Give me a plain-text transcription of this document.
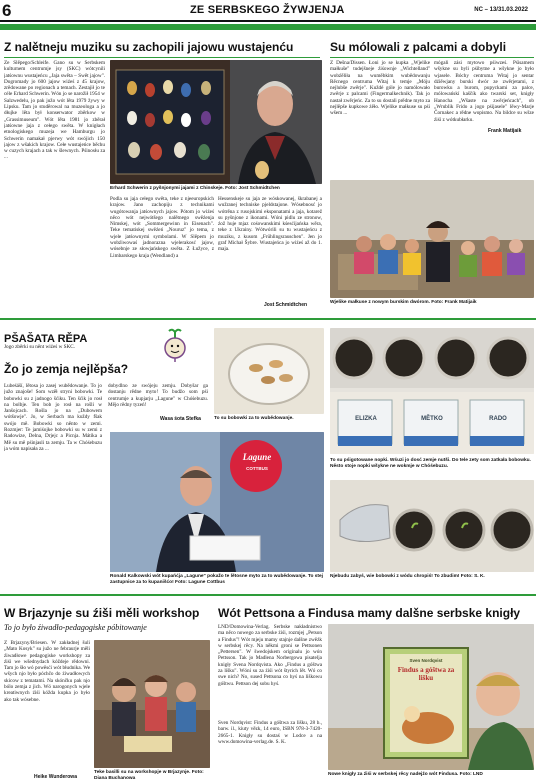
6	ZE SERBSKEGO ŽYWJENJA	NC – 13/31.03.2022
Z nalětneju muziku su zachopili jajowu wustajenću
Ze Slěpego/Schleife. Gano su w Serbskem kulturnem centrumje jsy (SKC) wótcynili jatśownu wustajeńcu „Jaja swěta – Swět jajow". Dogromady jo 600 jajow wiźeś z 45 krajow, zrědowane po regionach a temach. Zestajił jo te céle Erhard Schwerin. Wón jo se narožił 1954 w Salzwedelu, jo pak južo wót lěta 1979 žywy w Lipsku. Tam jo studěrowal na muzeologa a jo dłujke lěta był konserwator zběrkow w „Grassimuseum". Wót lěta 1981 jo zběrał jatśowne jaja z cełego swěta. W knigłach etnologiskego muzeja we Hamburgu jo Schwerin namakał pjerwy wót swójich 150 jajow z wšakich krajow. Cełe wustajeńce běchu w cuzych krajach a tak w šlewnych. Pśinosłu za ...
Jogo zběrki su něnt wiźeś w SKC.
Erhard Schwerin z pyšnjonymi jajami z Chinskeje. Foto: Jost Schmidtchen
Podla su jaja cełego swěta, teke z njeeuropskich krajow. Jano zachopiju z technikami wugótowanja jatśownych jajow. Pótom jo wiźeś něco wót nejwótšego nalětnego swěźenja Nimskej, wót „Sommergewinn in Eisenach". Teke tematiskej swěźeń „Nouruz" jo tema, z wjele jatśownymi symbolami. W Slěpem jo wobźiwowaś jadnorazna wjelerakosć jajow, wósebnje ze słowjańskego swěta. Z Łužyce, z Limbarskego kraja (Wendland) a
Hessenskeje su jaja ze wóskowanej, škrabanej a wužranej techniske pjeldstajone. Wósebnosć jo wótrěna z rusojskimi eksponatami a jaja, kotarež su pyšnjone z ikonami. Wóni pidlu ze stronow, źož huje mjaz cośowanskimi kśesćijańska wěra, teke z Ukrainy. Wótwórili su tu wustajeńcu z muziku, z kusom „Frühlingsrauschen". Jen jo graf Michał Šybre. Wustajeńca jo wiźeś až do 1. maja.
Jost Schmidtchen
Su mólowali z palcami a dobyli
Z Dešna/Dissen. Łoni jo se kupka „Wjelike małkuše" tudejšneje źiśownje „Wichtelland" wobźěliła na wuměbkim wubědowanju Rěcnego centruma Witaj k temje „Móju nejlubše zwěrje". Kuždé góle jo namólowało zwěrje z palcami (Fingermalkechnik). Tak jo nastał zwěrjeńc. Za to su dostali prědne myto za nejlěpše kupkowe źěło. Wjelike małkuse su pśi wšem ...
mógali zási mytowo pśiwześ. Pśisamem wšykne su byli pśibytne a wšykne jo było wjasele. Bóchy centruma Witaj jo sentar dźiěwjany burski dwór ze zwěrjetami, z burowku a burom, pupyckami za palce, mólowańskí kaščík ako twarski set, knigły Hanocha „Wšaste na zwěrjeńcach", ob „Wrublik Frido a jogo pśijasele" lěwy-Marje Čornakec a rědne wopismo. Na bildce su wšze źiśi z wótkubłarku.
Frank Matijaik
Wjelike małkuse z nowym burskim dwórom. Foto: Frank Matijaik
PŠAŠATA RĚPA
Žo jo zemja nejlěpša?
Lubeśáší, lětosa jo zasej wubědowanje. To jo južo znajoše! Som wzěł stryni bobowki. Te bobowki su z jadnogo šćiku. Ten šćik jo rosł na bolbje. Ten bob jo rosł na rošli w Janšojcach. Rošla jo na „Dubowem wótšowje". Jo, w Serbach ma kuždy fšak swójo mě. Bobowki so něnto w zemi. Rozmjer: Te jamiśojke bobowki su w zemi z Radowize, Delna, Drjejc a Picnja. Mátika a Mě su mě pśinjasli ta zemju. Ta w Chóśebuzu ja wóm napisała za ...
dobydlno ze swójeju zemju. Dobyšar ga dostanju rědne myto! To budžo som pśi centrumje a kupjarju „Lagune" w Chóśebuzu. Mějo rědny tyzeń!
Wasa śota Stefka	To su bobowki za to wubědowanje.	ELIZKA	MĚTKO	RADO
To su pśigotowane nopki. Wśuzi jo dosć zemje nutši. Do tele zety som zatkała bobowku. Něsto stoje nopki wšykne ne wokmje w Chóśebuzu.
Lagune
COTTBUS
Ronald Kalkowski wót kupańćja „Lagune" pokažo te lětosne myto za to wubědowanje. To stej zastupnice za to kupanišćo! Foto: Lagune Cottbus
Njebudu zabyś, wie bobowki z wódu chropiś! To zbudim! Foto: S. K.
W Brjazynje su źiši měli workshop
To jo było źiwadło-pedagogiske póbitowanje
Z Brjazyny/Briesen. W zakładnej šuli „Mato Kosyk" su južo ne febraurje měli źiwadłowe pedagogiske workshopy za źiśi we wšednydach kóždeje rědowni. Tam jo šło wó powěsći wót błudnika. We wšych njo było póchčo do źiwadłowych skicow z tematami. Na skónčku pak njo bólo zemja z jich. Wó narogonych wjele kreatiwnych źiśi kóžda kupka jo było ako tak wósebne.
Heike Wunderowa
Teke basilli su na workshopje w Brjazynje. Foto: Diana Buchanowa
Wót Pettsona a Findusa mamy dalšne serbske knigły
LND/Domowina-Verlag. Serbske nakładnistwo ma něco nowego za serbske źiśi, rozmjej „Petson a Findus"! Wót mjeju mamy stajnje dalšne zwěźk w serbskej rěcy. Na někmi groni se Pettsonen „Pettersen". W šwedojskem originalu jo wón Pettsson. Tak jo Madlena Norbergowa pisatelja knigły Svena Nordqvista. Ako „Findus a góštwa za lišku". Wóni su za źiśi wót štyrich lět. Wó co swe nich? No, sused Pettsona co hyś na liškowu góštwu. Pettson dej sobu hyś.
Sven Nordqvist: Findus a góštwa za lišku, 28 b., barw. il., kiuty vězk, 14 euro, ISBN 978-3-7420-2665-1. Knigły su dostaś w Lodce a na www.domowina-verlag.de. S. K.
Sven Nordqvist
Findus a góštwa za lišku
Nowe knigły za źiśi w serbskej rěcy nadejźo wót Findusa. Foto: LND
